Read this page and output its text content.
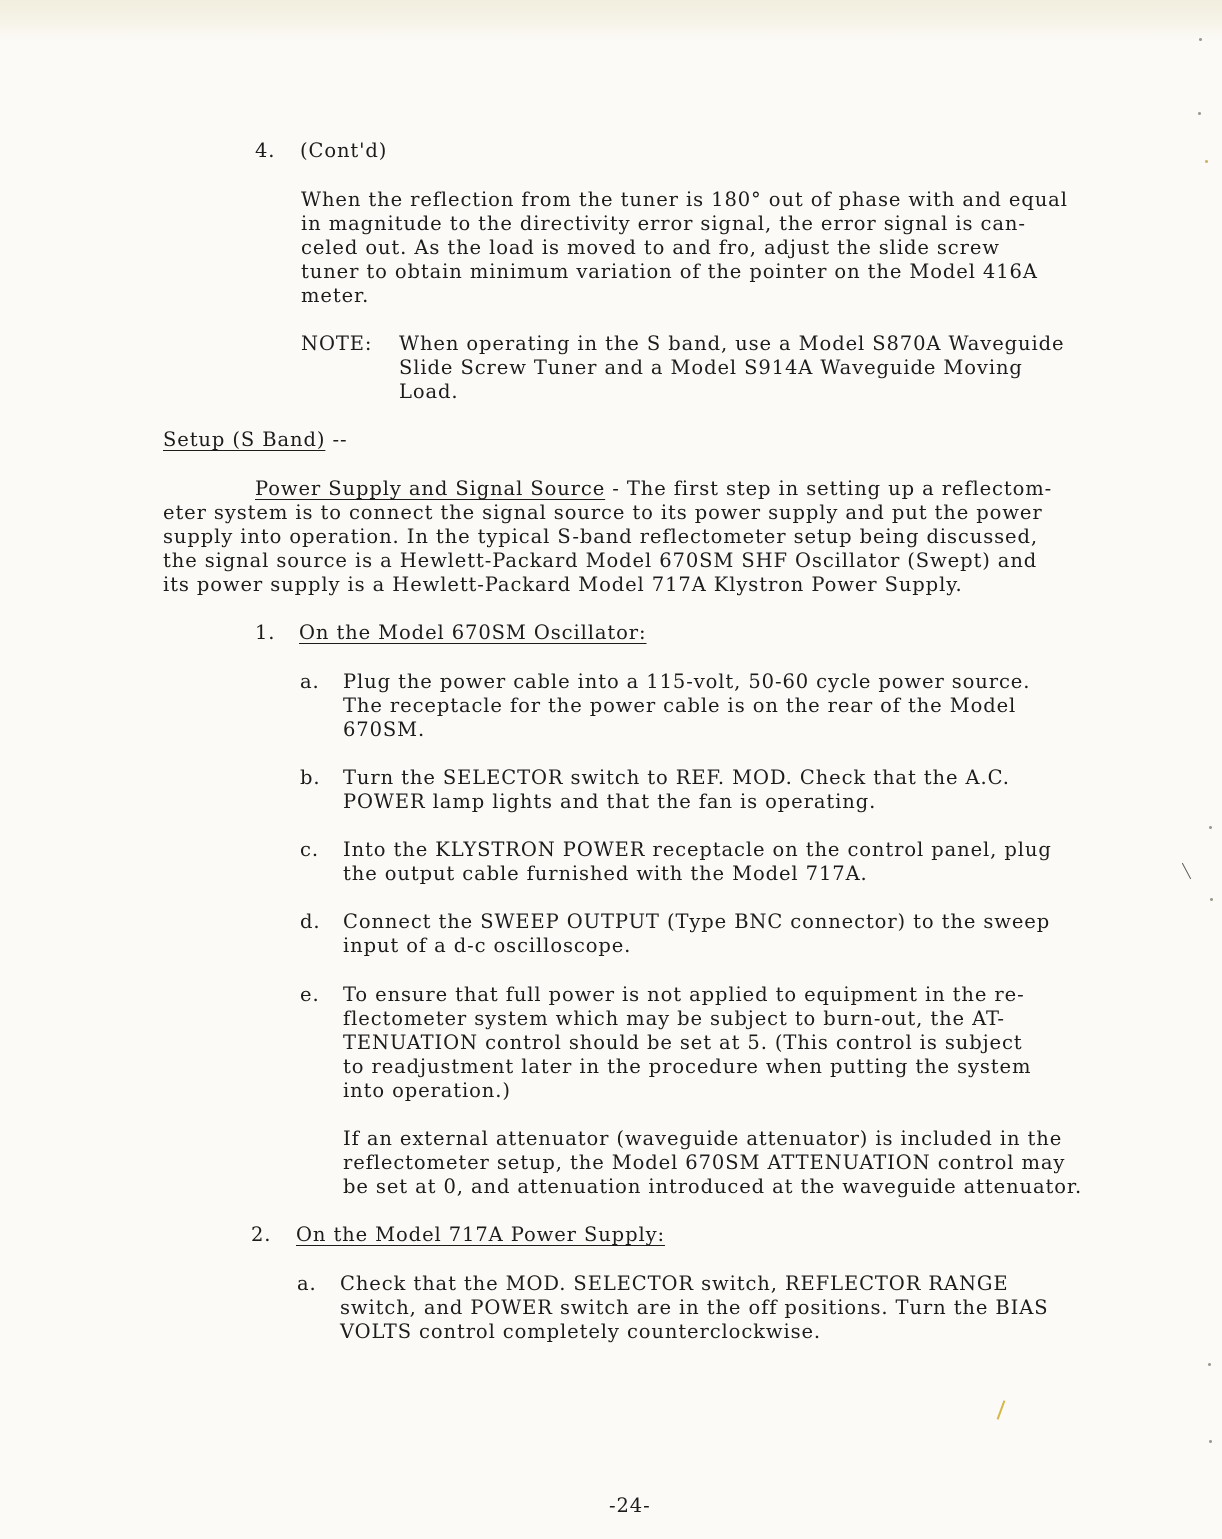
4. (Cont'd)
When the reflection from the tuner is 180° out of phase with and equal
in magnitude to the directivity error signal, the error signal is can-
celed out. As the load is moved to and fro, adjust the slide screw
tuner to obtain minimum variation of the pointer on the Model 416A
meter.
NOTE: When operating in the S band, use a Model S870A Waveguide
Slide Screw Tuner and a Model S914A Waveguide Moving
Load.
Setup (S Band) --
Power Supply and Signal Source - The first step in setting up a reflectom-
eter system is to connect the signal source to its power supply and put the power
supply into operation. In the typical S-band reflectometer setup being discussed,
the signal source is a Hewlett-Packard Model 670SM SHF Oscillator (Swept) and
its power supply is a Hewlett-Packard Model 717A Klystron Power Supply.
1. On the Model 670SM Oscillator:
a. Plug the power cable into a 115-volt, 50-60 cycle power source.
The receptacle for the power cable is on the rear of the Model
670SM.
b. Turn the SELECTOR switch to REF. MOD. Check that the A.C.
POWER lamp lights and that the fan is operating.
c. Into the KLYSTRON POWER receptacle on the control panel, plug
the output cable furnished with the Model 717A.
d. Connect the SWEEP OUTPUT (Type BNC connector) to the sweep
input of a d-c oscilloscope.
e. To ensure that full power is not applied to equipment in the re-
flectometer system which may be subject to burn-out, the AT-
TENUATION control should be set at 5. (This control is subject
to readjustment later in the procedure when putting the system
into operation.)
If an external attenuator (waveguide attenuator) is included in the
reflectometer setup, the Model 670SM ATTENUATION control may
be set at 0, and attenuation introduced at the waveguide attenuator.
2. On the Model 717A Power Supply:
a. Check that the MOD. SELECTOR switch, REFLECTOR RANGE
switch, and POWER switch are in the off positions. Turn the BIAS
VOLTS control completely counterclockwise.
-24-
